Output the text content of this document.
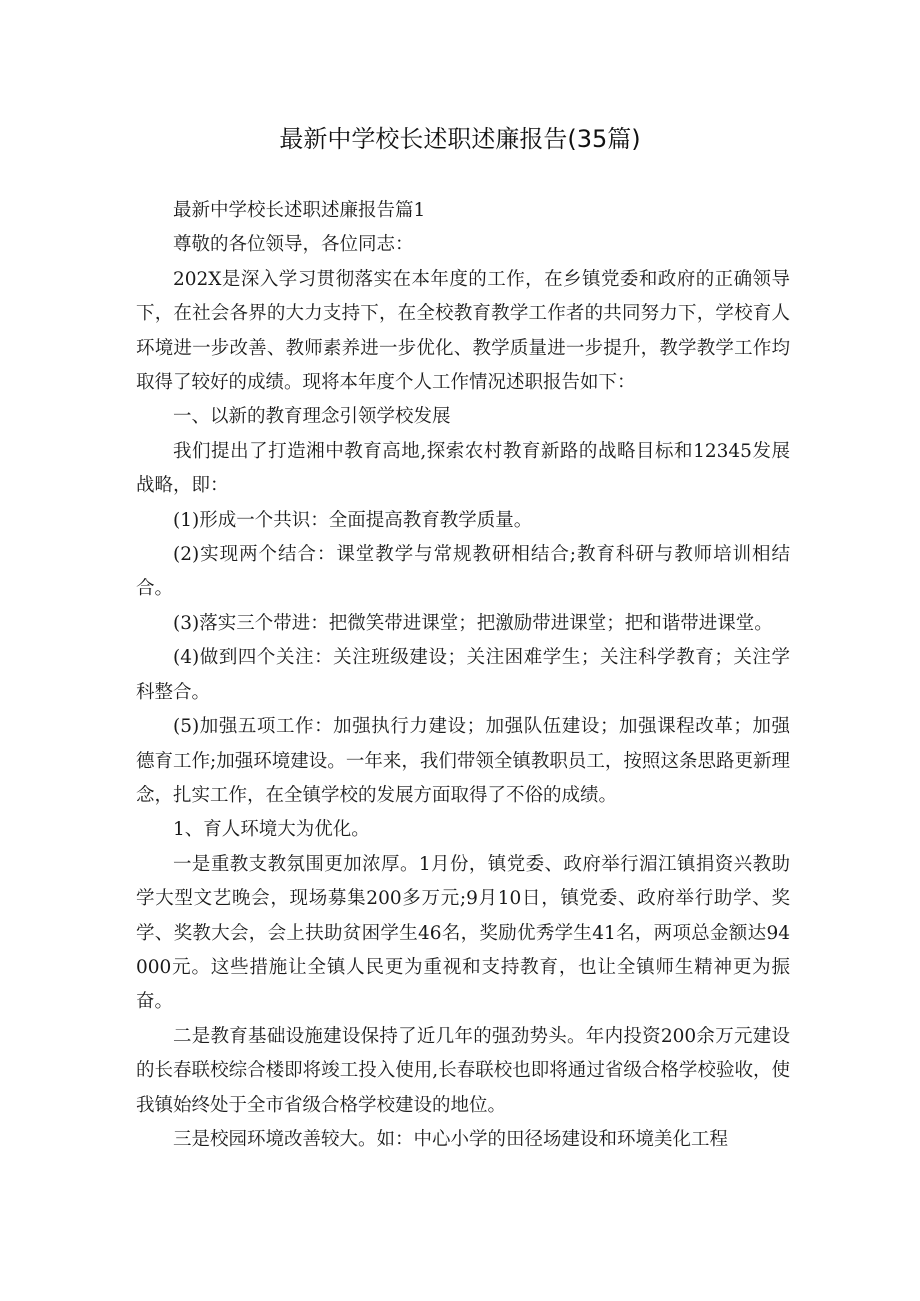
最新中学校长述职述廉报告(35篇)

最新中学校长述职述廉报告篇1

尊敬的各位领导，各位同志：

202X是深入学习贯彻落实在本年度的工作，在乡镇党委和政府的正确领导下，在社会各界的大力支持下，在全校教育教学工作者的共同努力下，学校育人环境进一步改善、教师素养进一步优化、教学质量进一步提升，教学教学工作均取得了较好的成绩。现将本年度个人工作情况述职报告如下：

一、以新的教育理念引领学校发展

我们提出了打造湘中教育高地,探索农村教育新路的战略目标和12345发展战略，即：

(1)形成一个共识：全面提高教育教学质量。

(2)实现两个结合：课堂教学与常规教研相结合;教育科研与教师培训相结合。

(3)落实三个带进：把微笑带进课堂；把激励带进课堂；把和谐带进课堂。

(4)做到四个关注：关注班级建设；关注困难学生；关注科学教育；关注学科整合。

(5)加强五项工作：加强执行力建设；加强队伍建设；加强课程改革；加强德育工作;加强环境建设。一年来，我们带领全镇教职员工，按照这条思路更新理念，扎实工作，在全镇学校的发展方面取得了不俗的成绩。

1、育人环境大为优化。

一是重教支教氛围更加浓厚。1月份，镇党委、政府举行湄江镇捐资兴教助学大型文艺晚会，现场募集200多万元;9月10日，镇党委、政府举行助学、奖学、奖教大会，会上扶助贫困学生46名，奖励优秀学生41名，两项总金额达94000元。这些措施让全镇人民更为重视和支持教育，也让全镇师生精神更为振奋。

二是教育基础设施建设保持了近几年的强劲势头。年内投资200余万元建设的长春联校综合楼即将竣工投入使用,长春联校也即将通过省级合格学校验收，使我镇始终处于全市省级合格学校建设的地位。

三是校园环境改善较大。如：中心小学的田径场建设和环境美化工程
